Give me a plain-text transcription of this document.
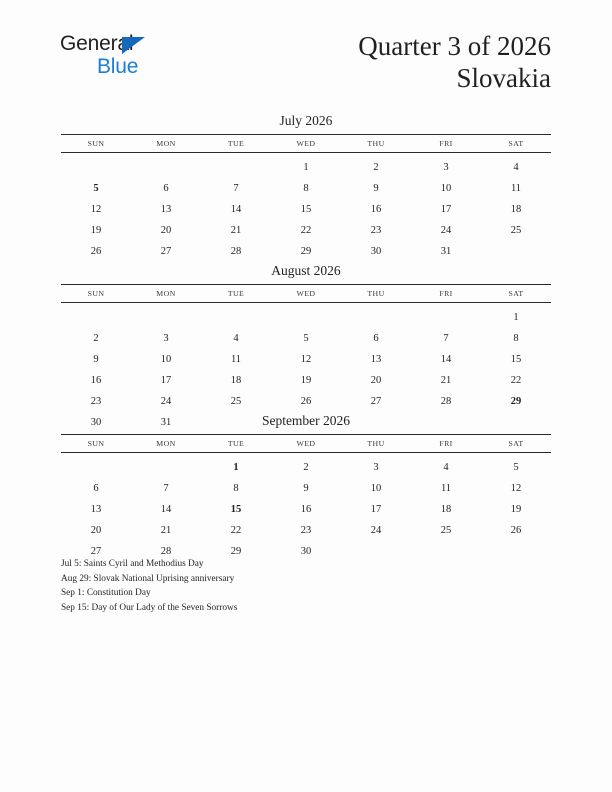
General
Blue
Quarter 3 of 2026
Slovakia
July 2026
SUN	MON	TUE	WED	THU	FRI	SAT
			1	2	3	4
5	6	7	8	9	10	11
12	13	14	15	16	17	18
19	20	21	22	23	24	25
26	27	28	29	30	31	
August 2026
SUN	MON	TUE	WED	THU	FRI	SAT
						1
2	3	4	5	6	7	8
9	10	11	12	13	14	15
16	17	18	19	20	21	22
23	24	25	26	27	28	29
30	31						September 2026
SUN	MON	TUE	WED	THU	FRI	SAT
		1	2	3	4	5
6	7	8	9	10	11	12
13	14	15	16	17	18	19
20	21	22	23	24	25	26
27	28	29	30			
Jul 5: Saints Cyril and Methodius Day
Aug 29: Slovak National Uprising anniversary
Sep 1: Constitution Day
Sep 15: Day of Our Lady of the Seven Sorrows
